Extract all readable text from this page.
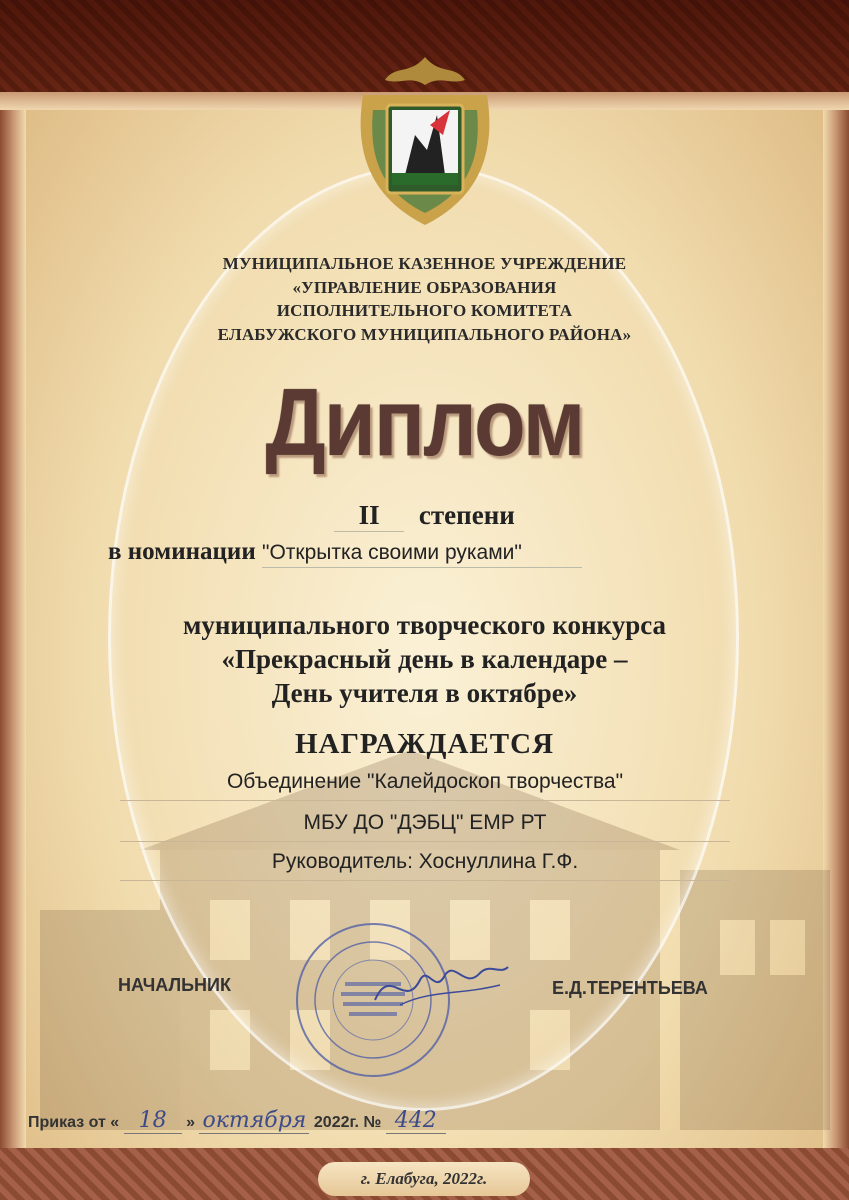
МУНИЦИПАЛЬНОЕ КАЗЕННОЕ УЧРЕЖДЕНИЕ
«УПРАВЛЕНИЕ ОБРАЗОВАНИЯ
ИСПОЛНИТЕЛЬНОГО КОМИТЕТА
ЕЛАБУЖСКОГО МУНИЦИПАЛЬНОГО РАЙОНА»
Диплом
II степени
в номинации "Открытка своими руками"
муниципального творческого конкурса
«Прекрасный день в календаре –
День учителя в октябре»
НАГРАЖДАЕТСЯ
Объединение "Калейдоскоп творчества"
МБУ ДО "ДЭБЦ" ЕМР РТ
Руководитель: Хоснуллина Г.Ф.
НАЧАЛЬНИК	Е.Д.ТЕРЕНТЬЕВА
Приказ от « 18 » октября 2022г. № 442
г. Елабуга, 2022г.
